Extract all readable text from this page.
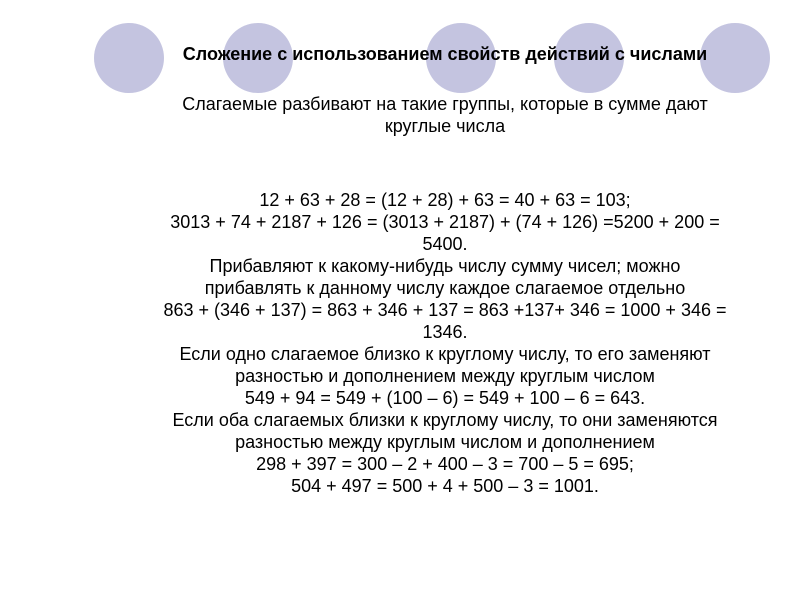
Сложение с использованием свойств действий с числами

Слагаемые разбивают на такие группы, которые в сумме дают
круглые числа

12 + 63 + 28 = (12 + 28) + 63 = 40 + 63 = 103;
3013 + 74 + 2187 + 126 = (3013 + 2187) + (74 + 126) =5200 + 200 =
5400.
Прибавляют к какому-нибудь числу сумму чисел; можно
прибавлять к данному числу каждое слагаемое отдельно
863 + (346 + 137) = 863 + 346 + 137 = 863 +137+ 346 = 1000 + 346 =
1346.
Если одно слагаемое близко к круглому числу, то его заменяют
разностью и дополнением между круглым числом
549 + 94 = 549 + (100 – 6) = 549 + 100 – 6 = 643.
Если оба слагаемых близки к круглому числу, то они заменяются
разностью между круглым числом и дополнением
298 + 397 = 300 – 2 + 400 – 3 = 700 – 5 = 695;
504 + 497 = 500 + 4 + 500 – 3 = 1001.
